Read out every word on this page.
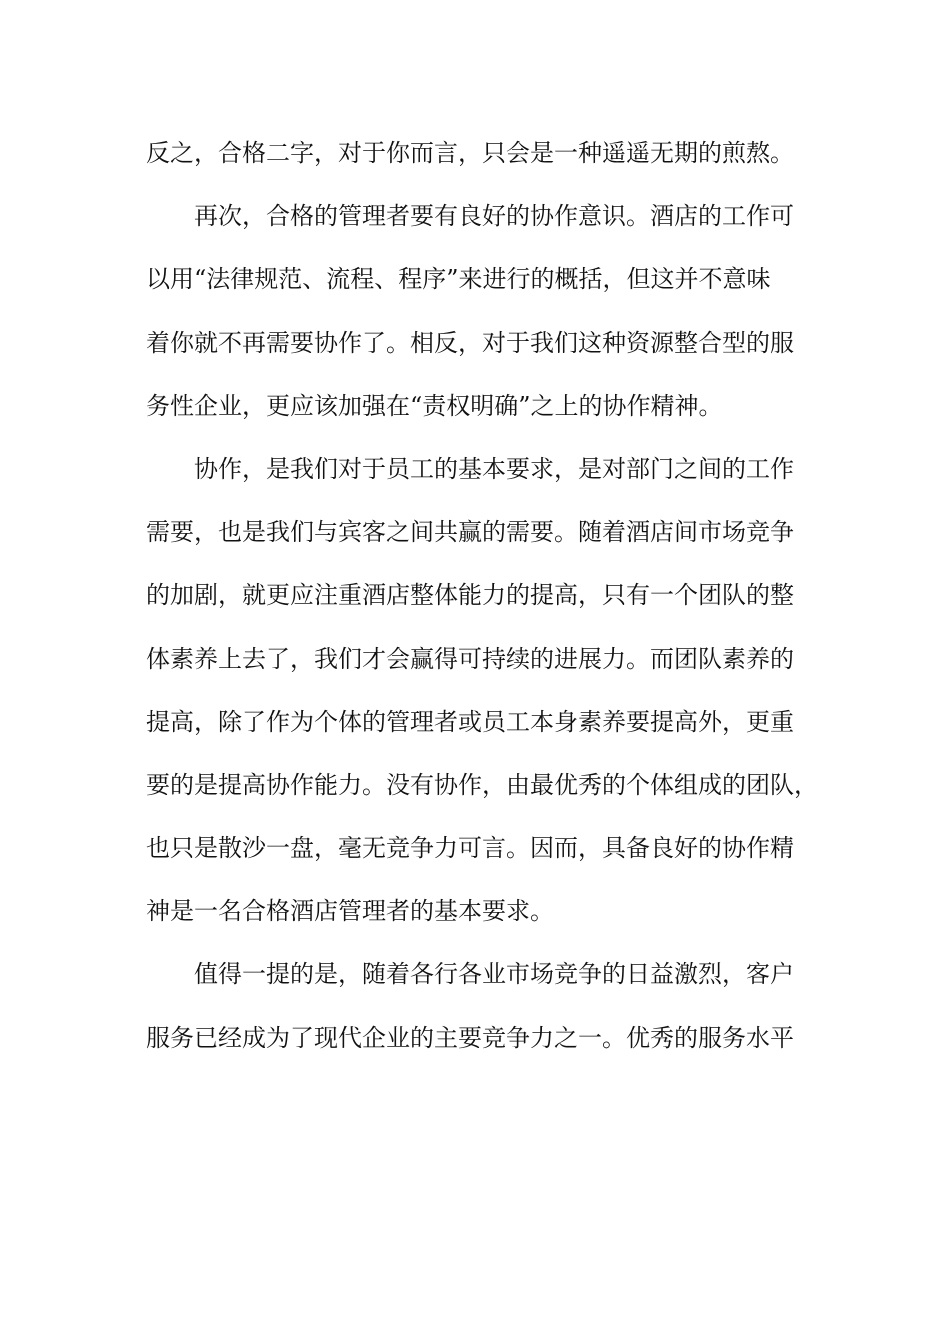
反之，合格二字，对于你而言，只会是一种遥遥无期的煎熬。
再次，合格的管理者要有良好的协作意识。酒店的工作可
以用“法律规范、流程、程序”来进行的概括，但这并不意味
着你就不再需要协作了。相反，对于我们这种资源整合型的服
务性企业，更应该加强在“责权明确”之上的协作精神。
协作，是我们对于员工的基本要求，是对部门之间的工作
需要，也是我们与宾客之间共赢的需要。随着酒店间市场竞争
的加剧，就更应注重酒店整体能力的提高，只有一个团队的整
体素养上去了，我们才会赢得可持续的进展力。而团队素养的
提高，除了作为个体的管理者或员工本身素养要提高外，更重
要的是提高协作能力。没有协作，由最优秀的个体组成的团队，
也只是散沙一盘，毫无竞争力可言。因而，具备良好的协作精
神是一名合格酒店管理者的基本要求。
值得一提的是，随着各行各业市场竞争的日益激烈，客户
服务已经成为了现代企业的主要竞争力之一。优秀的服务水平
